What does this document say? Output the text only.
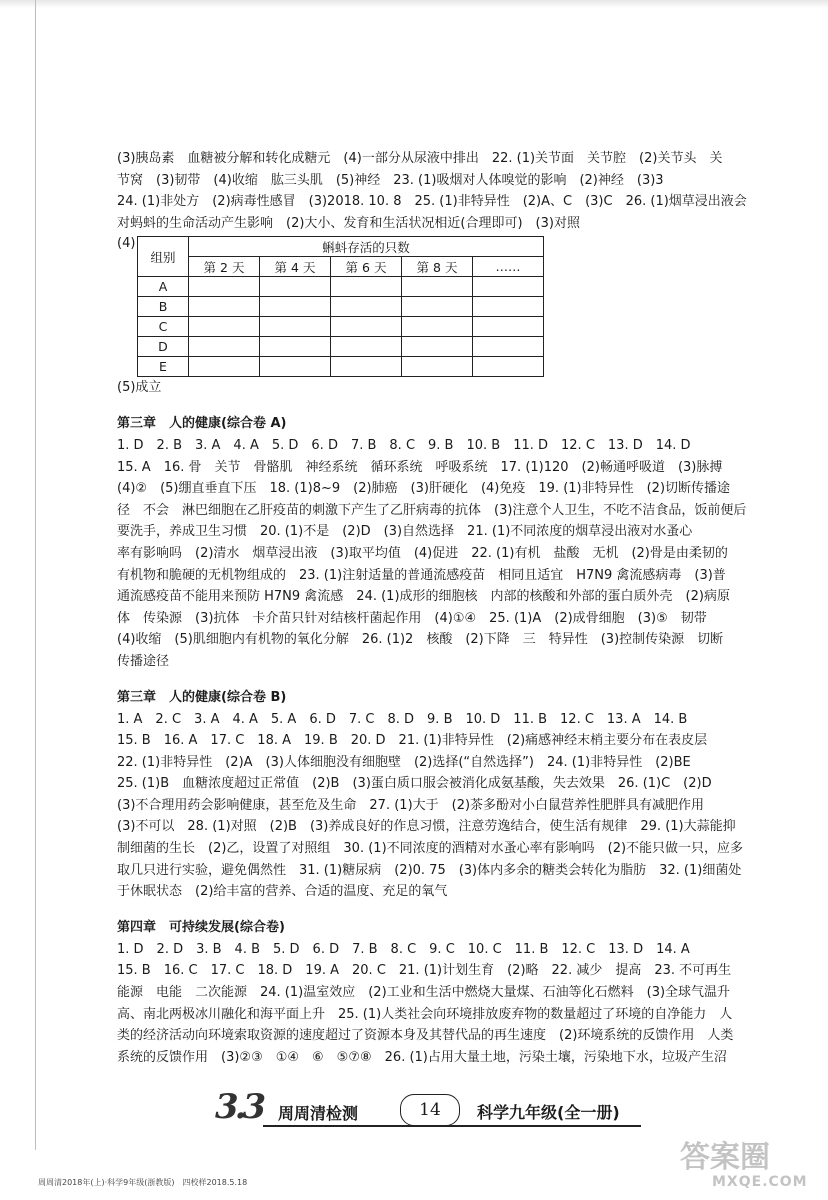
(3)胰岛素　血糖被分解和转化成糖元　(4)一部分从尿液中排出　22. (1)关节面　关节腔　(2)关节头　关
节窝　(3)韧带　(4)收缩　肱三头肌　(5)神经　23. (1)吸烟对人体嗅觉的影响　(2)神经　(3)3
24. (1)非处方　(2)病毒性感冒　(3)2018. 10. 8　25. (1)非特异性　(2)A、C　(3)C　26. (1)烟草浸出液会
对蚂蚪的生命活动产生影响　(2)大小、发育和生活状况相近(合理即可)　(3)对照
(4)
组别	蝌蚪存活的只数				
	第 2 天	第 4 天	第 6 天	第 8 天	……
A					
B					
C					
D					
E					
(5)成立
第三章　人的健康(综合卷 A)
1. D　2. B　3. A　4. A　5. D　6. D　7. B　8. C　9. B　10. B　11. D　12. C　13. D　14. D
15. A　16. 骨　关节　骨骼肌　神经系统　循环系统　呼吸系统　17. (1)120　(2)畅通呼吸道　(3)脉搏
(4)②　(5)绷直垂直下压　18. (1)8~9　(2)肺癌　(3)肝硬化　(4)免疫　19. (1)非特异性　(2)切断传播途
径　不会　淋巴细胞在乙肝疫苗的刺激下产生了乙肝病毒的抗体　(3)注意个人卫生，不吃不洁食品，饭前便后
要洗手，养成卫生习惯　20. (1)不是　(2)D　(3)自然选择　21. (1)不同浓度的烟草浸出液对水蚤心
率有影响吗　(2)清水　烟草浸出液　(3)取平均值　(4)促进　22. (1)有机　盐酸　无机　(2)骨是由柔韧的
有机物和脆硬的无机物组成的　23. (1)注射适量的普通流感疫苗　相同且适宜　H7N9 禽流感病毒　(3)普
通流感疫苗不能用来预防 H7N9 禽流感　24. (1)成形的细胞核　内部的核酸和外部的蛋白质外壳　(2)病原
体　传染源　(3)抗体　卡介苗只针对结核杆菌起作用　(4)①④　25. (1)A　(2)成骨细胞　(3)⑤　韧带
(4)收缩　(5)肌细胞内有机物的氧化分解　26. (1)2　核酸　(2)下降　三　特异性　(3)控制传染源　切断
传播途径
第三章　人的健康(综合卷 B)
1. A　2. C　3. A　4. A　5. A　6. D　7. C　8. D　9. B　10. D　11. B　12. C　13. A　14. B
15. B　16. A　17. C　18. A　19. B　20. D　21. (1)非特异性　(2)痛感神经末梢主要分布在表皮层
22. (1)非特异性　(2)A　(3)人体细胞没有细胞壁　(2)选择(“自然选择”)　24. (1)非特异性　(2)BE
25. (1)B　血糖浓度超过正常值　(2)B　(3)蛋白质口服会被消化成氨基酸，失去效果　26. (1)C　(2)D
(3)不合理用药会影响健康，甚至危及生命　27. (1)大于　(2)茶多酚对小白鼠营养性肥胖具有减肥作用
(3)不可以　28. (1)对照　(2)B　(3)养成良好的作息习惯，注意劳逸结合，使生活有规律　29. (1)大蒜能抑
制细菌的生长　(2)乙，设置了对照组　30. (1)不同浓度的酒精对水蚤心率有影响吗　(2)不能只做一只，应多
取几只进行实验，避免偶然性　31. (1)糖尿病　(2)0. 75　(3)体内多余的糖类会转化为脂肪　32. (1)细菌处
于休眠状态　(2)给丰富的营养、合适的温度、充足的氧气
第四章　可持续发展(综合卷)
1. D　2. D　3. B　4. B　5. D　6. D　7. B　8. C　9. C　10. C　11. B　12. C　13. D　14. A
15. B　16. C　17. C　18. D　19. A　20. C　21. (1)计划生育　(2)略　22. 减少　提高　23. 不可再生
能源　电能　二次能源　24. (1)温室效应　(2)工业和生活中燃烧大量煤、石油等化石燃料　(3)全球气温升
高、南北两极冰川融化和海平面上升　25. (1)人类社会向环境排放废弃物的数量超过了环境的自净能力　人
类的经济活动向环境索取资源的速度超过了资源本身及其替代品的再生速度　(2)环境系统的反馈作用　人类
系统的反馈作用　(3)②③　①④　⑥　⑤⑦⑧　26. (1)占用大量土地，污染土壤，污染地下水，垃圾产生沼
3.3 周周清检测	14	科学九年级(全一册)
周周清2018年(上)·科学9年级(浙教版)　四校样2018.5.18
答案圈
MXQE.COM
